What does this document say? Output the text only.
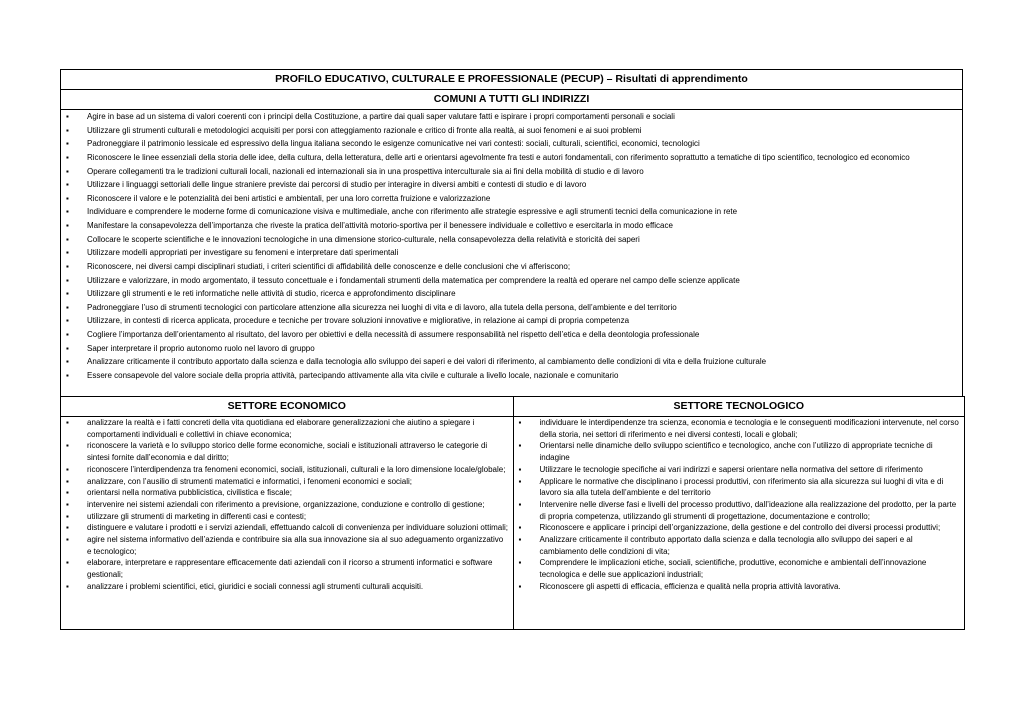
PROFILO EDUCATIVO, CULTURALE E PROFESSIONALE (PECUP) – Risultati di apprendimento
COMUNI A TUTTI GLI INDIRIZZI
▪ Agire in base ad un sistema di valori coerenti con i principi della Costituzione, a partire dai quali saper valutare fatti e ispirare i propri comportamenti personali e sociali
▪ Utilizzare gli strumenti culturali e metodologici acquisiti per porsi con atteggiamento razionale e critico di fronte alla realtà, ai suoi fenomeni e ai suoi problemi
▪ Padroneggiare il patrimonio lessicale ed espressivo della lingua italiana secondo le esigenze comunicative nei vari contesti: sociali, culturali, scientifici, economici, tecnologici
▪ Riconoscere le linee essenziali della storia delle idee, della cultura, della letteratura, delle arti e orientarsi agevolmente fra testi e autori fondamentali, con riferimento soprattutto a tematiche di tipo scientifico, tecnologico ed economico
▪ Operare collegamenti tra le tradizioni culturali locali, nazionali ed internazionali sia in una prospettiva interculturale sia ai fini della mobilità di studio e di lavoro
▪ Utilizzare i linguaggi settoriali delle lingue straniere previste dai percorsi di studio per interagire in diversi ambiti e contesti di studio e di lavoro
▪ Riconoscere il valore e le potenzialità dei beni artistici e ambientali, per una loro corretta fruizione e valorizzazione
▪ Individuare e comprendere le moderne forme di comunicazione visiva e multimediale, anche con riferimento alle strategie espressive e agli strumenti tecnici della comunicazione in rete
▪ Manifestare la consapevolezza dell’importanza che riveste la pratica dell’attività motorio-sportiva per il benessere individuale e collettivo e esercitarla in modo efficace
▪ Collocare le scoperte scientifiche e le innovazioni tecnologiche in una dimensione storico-culturale, nella consapevolezza della relatività e storicità dei saperi
▪ Utilizzare modelli appropriati per investigare su fenomeni e interpretare dati sperimentali
▪ Riconoscere, nei diversi campi disciplinari studiati, i criteri scientifici di affidabilità delle conoscenze e delle conclusioni che vi afferiscono;
▪ Utilizzare e valorizzare, in modo argomentato, il tessuto concettuale e i fondamentali strumenti della matematica per comprendere la realtà ed operare nel campo delle scienze applicate
▪ Utilizzare gli strumenti e le reti informatiche nelle attività di studio, ricerca e approfondimento disciplinare
▪ Padroneggiare l’uso di strumenti tecnologici con particolare attenzione alla sicurezza nei luoghi di vita e di lavoro, alla tutela della persona, dell’ambiente e del territorio
▪ Utilizzare, in contesti di ricerca applicata, procedure e tecniche per trovare soluzioni innovative e migliorative, in relazione ai campi di propria competenza
▪ Cogliere l’importanza dell’orientamento al risultato, del lavoro per obiettivi e della necessità di assumere responsabilità nel rispetto dell’etica e della deontologia professionale
▪ Saper interpretare il proprio autonomo ruolo nel lavoro di gruppo
▪ Analizzare criticamente il contributo apportato dalla scienza e dalla tecnologia allo sviluppo dei saperi e dei valori di riferimento, al cambiamento delle condizioni di vita e della fruizione culturale
▪ Essere consapevole del valore sociale della propria attività, partecipando attivamente alla vita civile e culturale a livello locale, nazionale e comunitario
SETTORE ECONOMICO
▪ analizzare la realtà e i fatti concreti della vita quotidiana ed elaborare generalizzazioni che aiutino a spiegare i comportamenti individuali e collettivi in chiave economica;
▪ riconoscere la varietà e lo sviluppo storico delle forme economiche, sociali e istituzionali attraverso le categorie di sintesi fornite dall’economia e dal diritto;
▪ riconoscere l’interdipendenza tra fenomeni economici, sociali, istituzionali, culturali e la loro dimensione locale/globale;
▪ analizzare, con l’ausilio di strumenti matematici e informatici, i fenomeni economici e sociali;
▪ orientarsi nella normativa pubblicistica, civilistica e fiscale;
▪ intervenire nei sistemi aziendali con riferimento a previsione, organizzazione, conduzione e controllo di gestione;
▪ utilizzare gli strumenti di marketing in differenti casi e contesti;
▪ distinguere e valutare i prodotti e i servizi aziendali, effettuando calcoli di convenienza per individuare soluzioni ottimali;
▪ agire nel sistema informativo dell’azienda e contribuire sia alla sua innovazione sia al suo adeguamento organizzativo e tecnologico;
▪ elaborare, interpretare e rappresentare efficacemente dati aziendali con il ricorso a strumenti informatici e software gestionali;
▪ analizzare i problemi scientifici, etici, giuridici e sociali connessi agli strumenti culturali acquisiti.
SETTORE TECNOLOGICO
▪ individuare le interdipendenze tra scienza, economia e tecnologia e le conseguenti modificazioni intervenute, nel corso della storia, nei settori di riferimento e nei diversi contesti, locali e globali;
▪ Orientarsi nelle dinamiche dello sviluppo scientifico e tecnologico, anche con l’utilizzo di appropriate tecniche di indagine
▪ Utilizzare le tecnologie specifiche ai vari indirizzi e sapersi orientare nella normativa del settore di riferimento
▪ Applicare le normative che disciplinano i processi produttivi, con riferimento sia alla sicurezza sui luoghi di vita e di lavoro sia alla tutela dell’ambiente e del territorio
▪ Intervenire nelle diverse fasi e livelli del processo produttivo, dall’ideazione alla realizzazione del prodotto, per la parte di propria competenza, utilizzando gli strumenti di progettazione, documentazione e controllo;
▪ Riconoscere e applicare i principi dell’organizzazione, della gestione e del controllo dei diversi processi produttivi;
▪ Analizzare criticamente il contributo apportato dalla scienza e dalla tecnologia allo sviluppo dei saperi e al cambiamento delle condizioni di vita;
▪ Comprendere le implicazioni etiche, sociali, scientifiche, produttive, economiche e ambientali dell’innovazione tecnologica e delle sue applicazioni industriali;
▪ Riconoscere gli aspetti di efficacia, efficienza e qualità nella propria attività lavorativa.
